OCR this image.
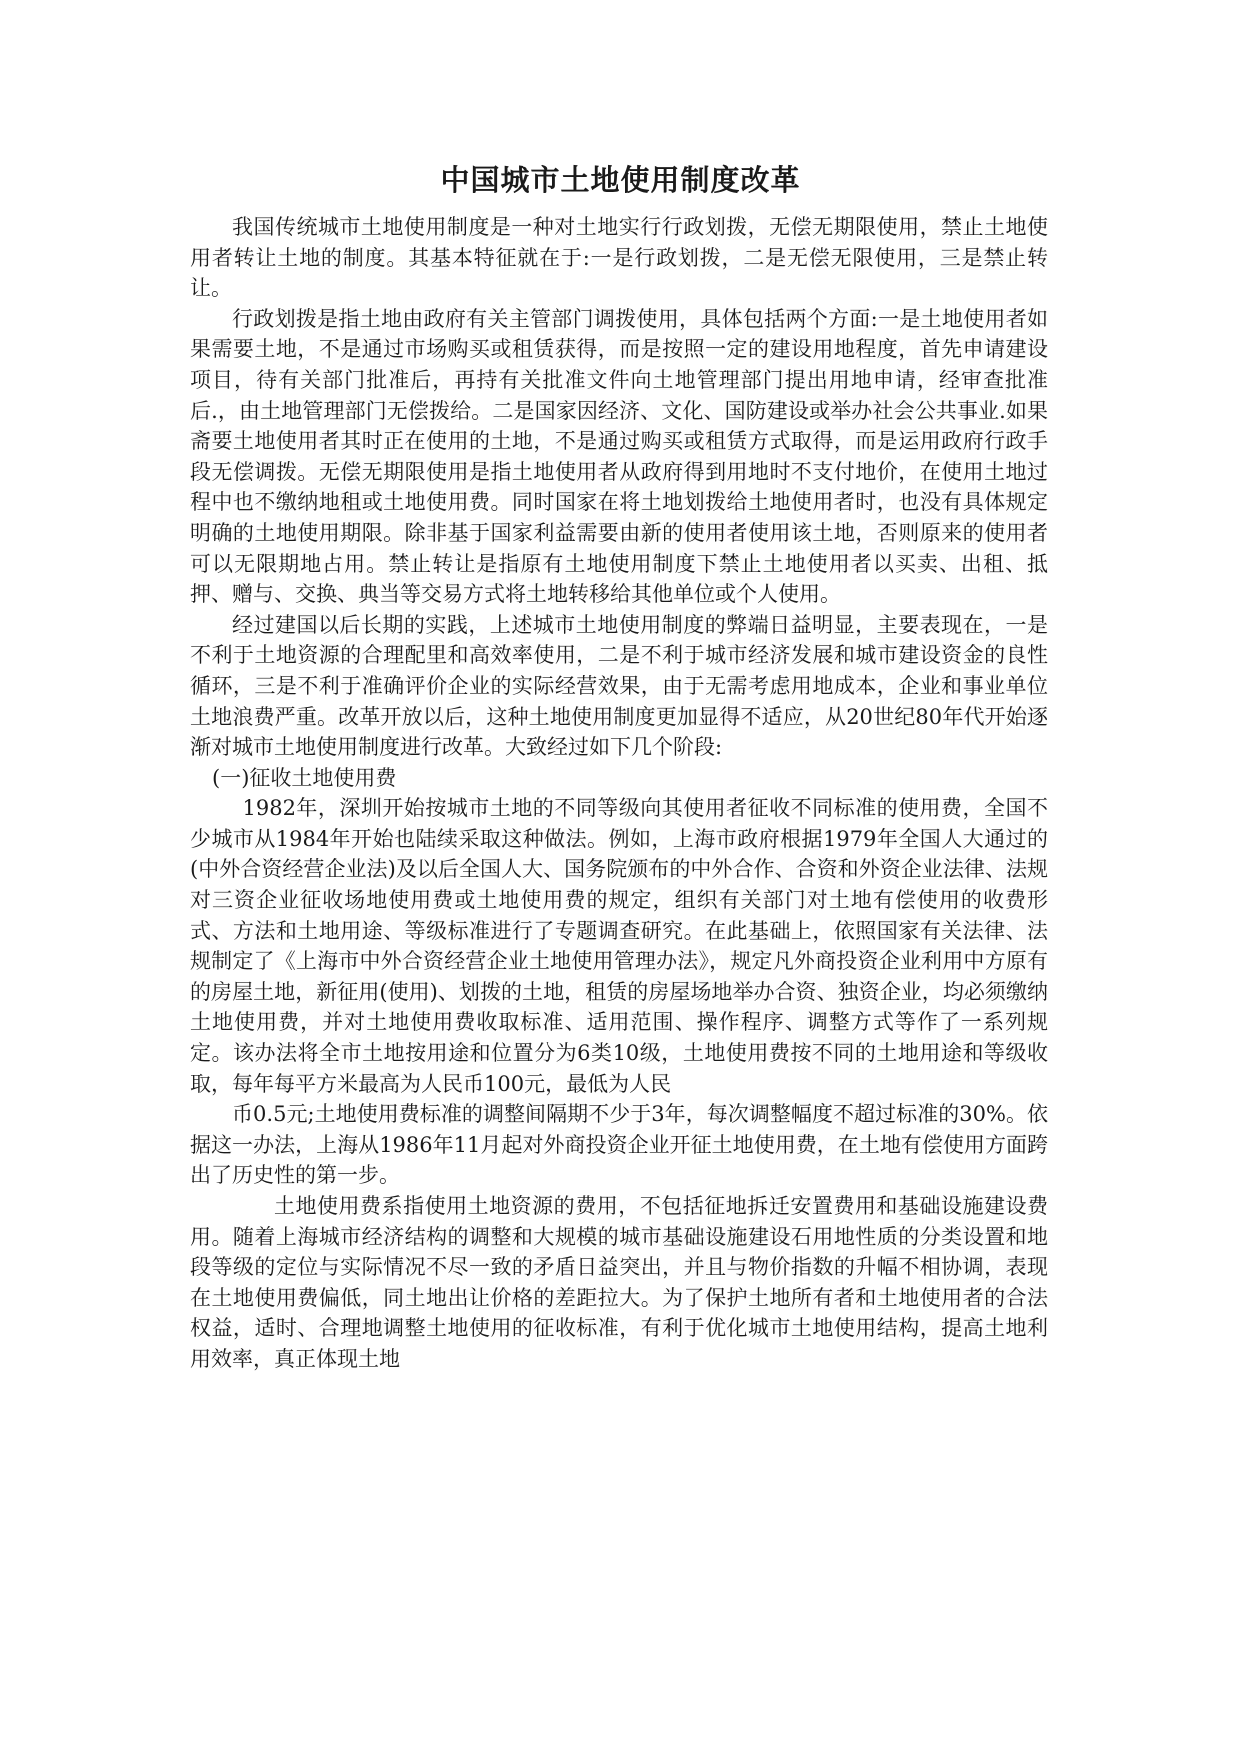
中国城市土地使用制度改革

我国传统城市土地使用制度是一种对土地实行行政划拨，无偿无期限使用，禁止土地使用者转让土地的制度。其基本特征就在于:一是行政划拨，二是无偿无限使用，三是禁止转让。

行政划拨是指土地由政府有关主管部门调拨使用，具体包括两个方面:一是土地使用者如果需要土地，不是通过市场购买或租赁获得，而是按照一定的建设用地程度，首先申请建设项目，待有关部门批准后，再持有关批准文件向土地管理部门提出用地申请，经审查批准后.，由土地管理部门无偿拨给。二是国家因经济、文化、国防建设或举办社会公共事业.如果斋要土地使用者其时正在使用的土地，不是通过购买或租赁方式取得，而是运用政府行政手段无偿调拨。无偿无期限使用是指土地使用者从政府得到用地时不支付地价，在使用土地过程中也不缴纳地租或土地使用费。同时国家在将土地划拨给土地使用者时，也没有具体规定明确的土地使用期限。除非基于国家利益需要由新的使用者使用该土地，否则原来的使用者可以无限期地占用。禁止转让是指原有土地使用制度下禁止土地使用者以买卖、出租、抵押、赠与、交换、典当等交易方式将土地转移给其他单位或个人使用。

经过建国以后长期的实践，上述城市土地使用制度的弊端日益明显，主要表现在，一是不利于土地资源的合理配里和高效率使用，二是不利于城市经济发展和城市建设资金的良性循环，三是不利于准确评价企业的实际经营效果，由于无需考虑用地成本，企业和事业单位土地浪费严重。改革开放以后，这种土地使用制度更加显得不适应，从20世纪80年代开始逐渐对城市土地使用制度进行改革。大致经过如下几个阶段:

(一)征收土地使用费

1982年，深圳开始按城市土地的不同等级向其使用者征收不同标准的使用费，全国不少城市从1984年开始也陆续采取这种做法。例如，上海市政府根据1979年全国人大通过的(中外合资经营企业法)及以后全国人大、国务院颁布的中外合作、合资和外资企业法律、法规对三资企业征收场地使用费或土地使用费的规定，组织有关部门对土地有偿使用的收费形式、方法和土地用途、等级标准进行了专题调查研究。在此基础上，依照国家有关法律、法规制定了《上海市中外合资经营企业土地使用管理办法》，规定凡外商投资企业利用中方原有的房屋土地，新征用(使用)、划拨的土地，租赁的房屋场地举办合资、独资企业，均必须缴纳土地使用费，并对土地使用费收取标准、适用范围、操作程序、调整方式等作了一系列规定。该办法将全市土地按用途和位置分为6类10级，土地使用费按不同的土地用途和等级收取，每年每平方米最高为人民币100元，最低为人民
币0.5元;土地使用费标准的调整间隔期不少于3年，每次调整幅度不超过标准的30%。依据这一办法，上海从1986年11月起对外商投资企业开征土地使用费，在土地有偿使用方面跨出了历史性的第一步。

土地使用费系指使用土地资源的费用，不包括征地拆迁安置费用和基础设施建设费用。随着上海城市经济结构的调整和大规模的城市基础设施建设石用地性质的分类设置和地段等级的定位与实际情况不尽一致的矛盾日益突出，并且与物价指数的升幅不相协调，表现在土地使用费偏低，同土地出让价格的差距拉大。为了保护土地所有者和土地使用者的合法权益，适时、合理地调整土地使用的征收标准，有利于优化城市土地使用结构，提高土地利用效率，真正体现土地
